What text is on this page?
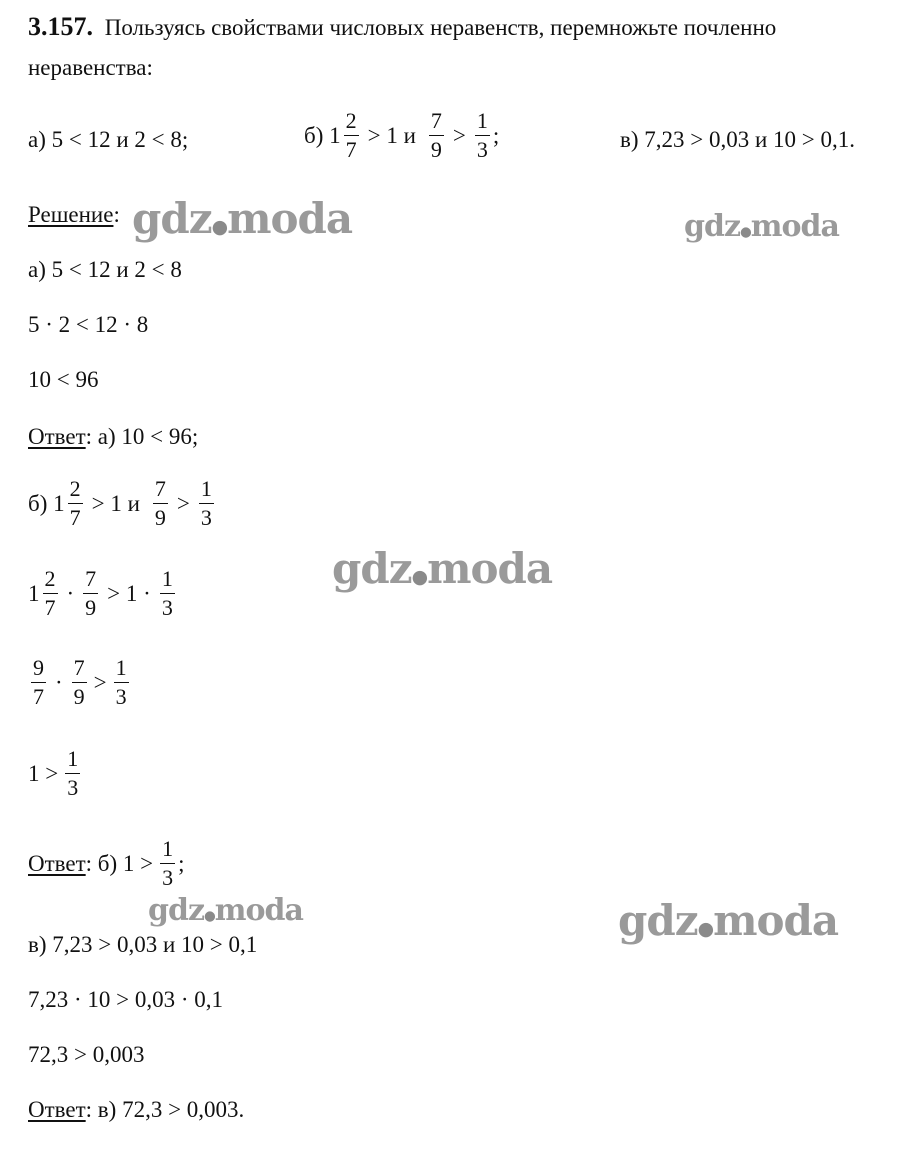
3.157. Пользуясь свойствами числовых неравенств, перемножьте почленно
неравенства:
а) 5 < 12 и 2 < 8;	б) $1 \frac{2}{7} > 1$ и $\frac{7}{9} > \frac{1}{3}$ ;	в) 7,23 > 0,03 и 10 > 0,1.
Решение:
а) 5 < 12 и 2 < 8
5 · 2 < 12 · 8
10 < 96
Ответ: а) 10 < 96;
б) $1 \frac{2}{7} > 1$ и $\frac{7}{9} > \frac{1}{3}$
$1 \frac{2}{7} \cdot \frac{7}{9} > 1 \cdot \frac{1}{3}$
$\frac{9}{7} \cdot \frac{7}{9} > \frac{1}{3}$
$1 > \frac{1}{3}$
Ответ : б) $1 > \frac{1}{3}$ ;
в) 7,23 > 0,03 и 10 > 0,1
7,23 · 10 > 0,03 · 0,1
72,3 > 0,003
Ответ: в) 72,3 > 0,003.
gdz●moda	gdz●moda
gdz●moda
gdz●moda	gdz●moda
